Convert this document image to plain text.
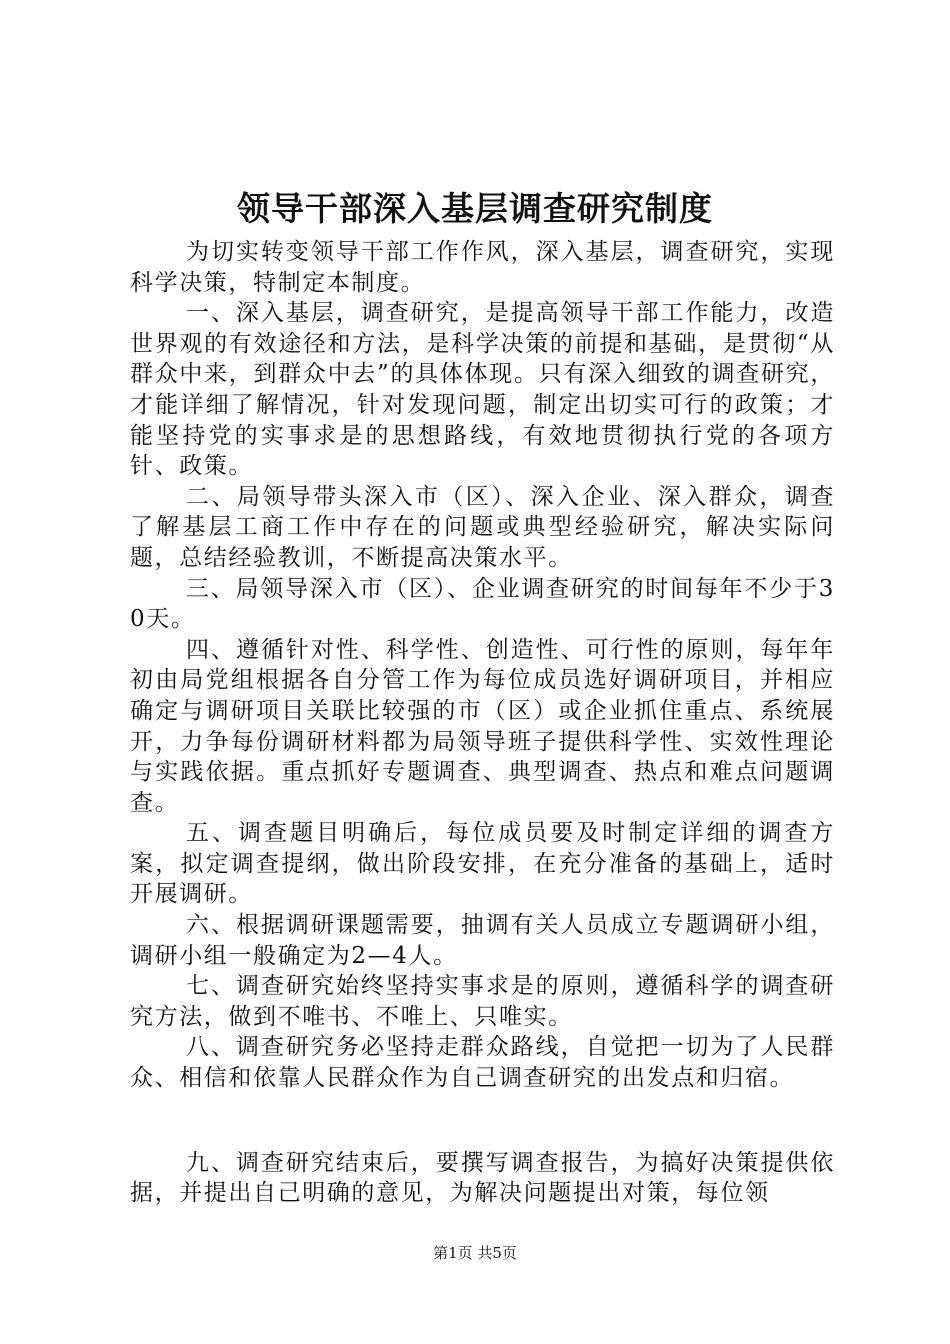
领导干部深入基层调查研究制度

为切实转变领导干部工作作风，深入基层，调查研究，实现科学决策，特制定本制度。

一、深入基层，调查研究，是提高领导干部工作能力，改造世界观的有效途径和方法，是科学决策的前提和基础，是贯彻“从群众中来，到群众中去”的具体体现。只有深入细致的调查研究，才能详细了解情况，针对发现问题，制定出切实可行的政策；才能坚持党的实事求是的思想路线，有效地贯彻执行党的各项方针、政策。

二、局领导带头深入市（区）、深入企业、深入群众，调查了解基层工商工作中存在的问题或典型经验研究，解决实际问题，总结经验教训，不断提高决策水平。

三、局领导深入市（区）、企业调查研究的时间每年不少于30天。

四、遵循针对性、科学性、创造性、可行性的原则，每年年初由局党组根据各自分管工作为每位成员选好调研项目，并相应确定与调研项目关联比较强的市（区）或企业抓住重点、系统展开，力争每份调研材料都为局领导班子提供科学性、实效性理论与实践依据。重点抓好专题调查、典型调查、热点和难点问题调查。

五、调查题目明确后，每位成员要及时制定详细的调查方案，拟定调查提纲，做出阶段安排，在充分准备的基础上，适时开展调研。

六、根据调研课题需要，抽调有关人员成立专题调研小组，调研小组一般确定为2—4人。

七、调查研究始终坚持实事求是的原则，遵循科学的调查研究方法，做到不唯书、不唯上、只唯实。

八、调查研究务必坚持走群众路线，自觉把一切为了人民群众、相信和依靠人民群众作为自己调查研究的出发点和归宿。

九、调查研究结束后，要撰写调查报告，为搞好决策提供依据，并提出自己明确的意见，为解决问题提出对策，每位领

第1页 共5页
